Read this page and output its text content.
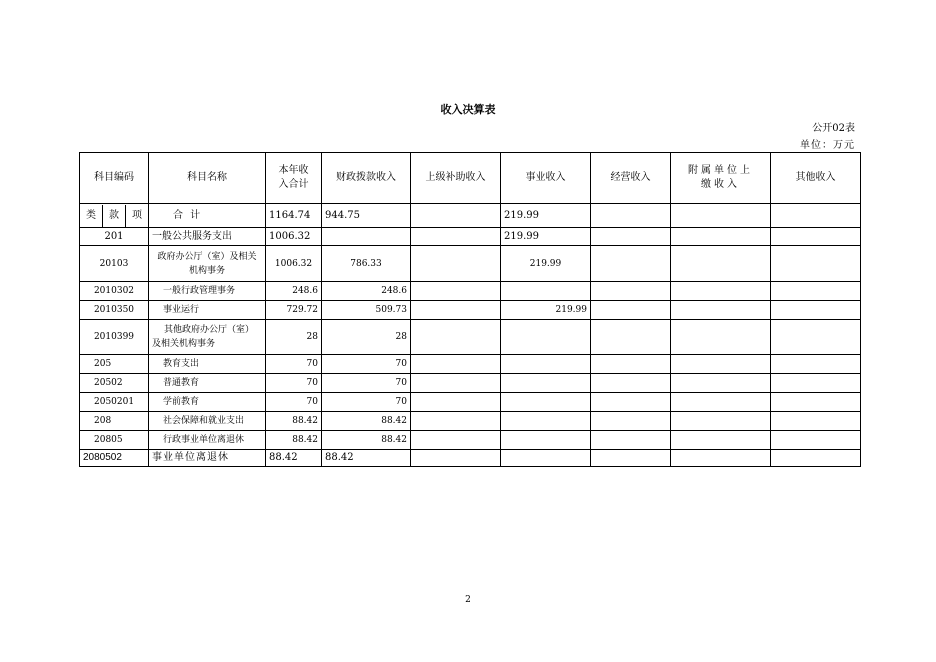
收入决算表
公开02表
单位：万元
科目编码	科目名称	本年收入合计	财政拨款收入	上级补助收入	事业收入	经营收入	附属单位上缴收入	其他收入

类 款 项	合 计	1164.74	944.75		219.99			
201	一般公共服务支出	1006.32			219.99			
20103	政府办公厅（室）及相关机构事务	1006.32	786.33		219.99			
2010302	一般行政管理事务	248.6	248.6					
2010350	事业运行	729.72	509.73		219.99			
2010399	其他政府办公厅（室）及相关机构事务	28	28					
205	教育支出	70	70					
20502	普通教育	70	70					
2050201	学前教育	70	70					
208	社会保障和就业支出	88.42	88.42					
20805	行政事业单位离退休	88.42	88.42					
2080502	事业单位离退休	88.42	88.42					
2
